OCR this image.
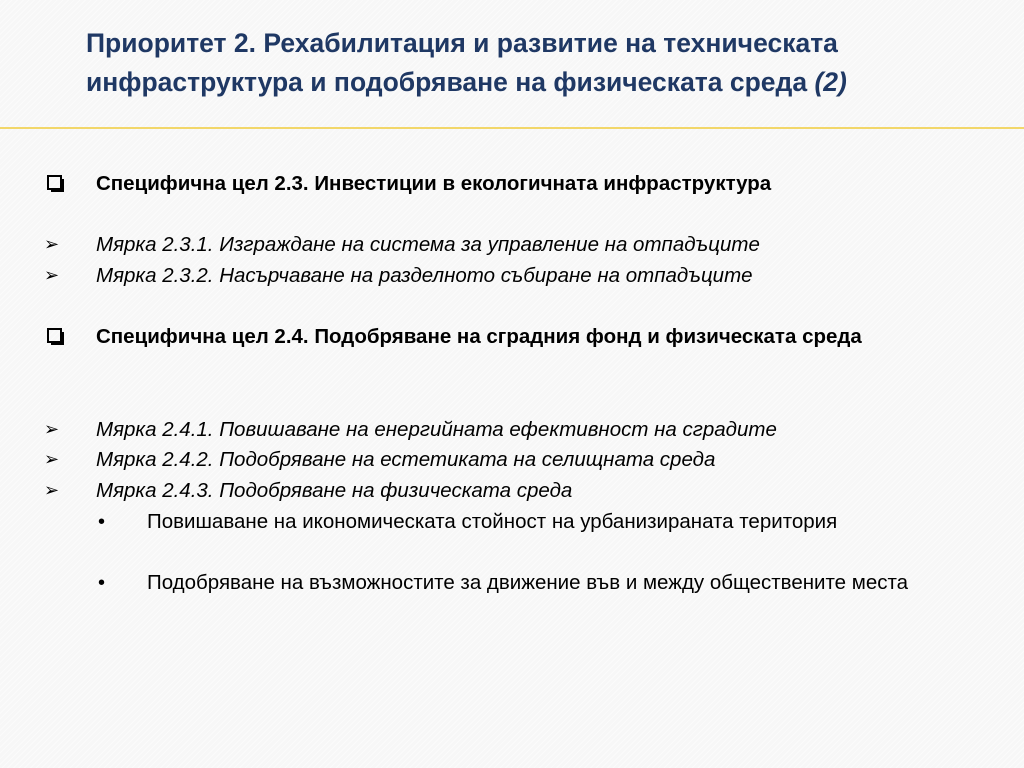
Приоритет 2. Рехабилитация и развитие на техническата
инфраструктура и подобряване на физическата среда (2)
Специфична цел 2.3. Инвестиции в екологичната инфраструктура
➢	Мярка 2.3.1. Изграждане на система за управление на отпадъците
➢	Мярка 2.3.2. Насърчаване на разделното събиране на отпадъците
Специфична цел 2.4. Подобряване на сградния фонд и физическата среда
➢	Мярка 2.4.1. Повишаване на енергийната ефективност на сградите
➢	Мярка 2.4.2. Подобряване на естетиката на селищната среда
➢	Мярка 2.4.3. Подобряване на физическата среда
• Повишаване на икономическата стойност на урбанизираната територия
• Подобряване на възможностите за движение във и между обществените места
